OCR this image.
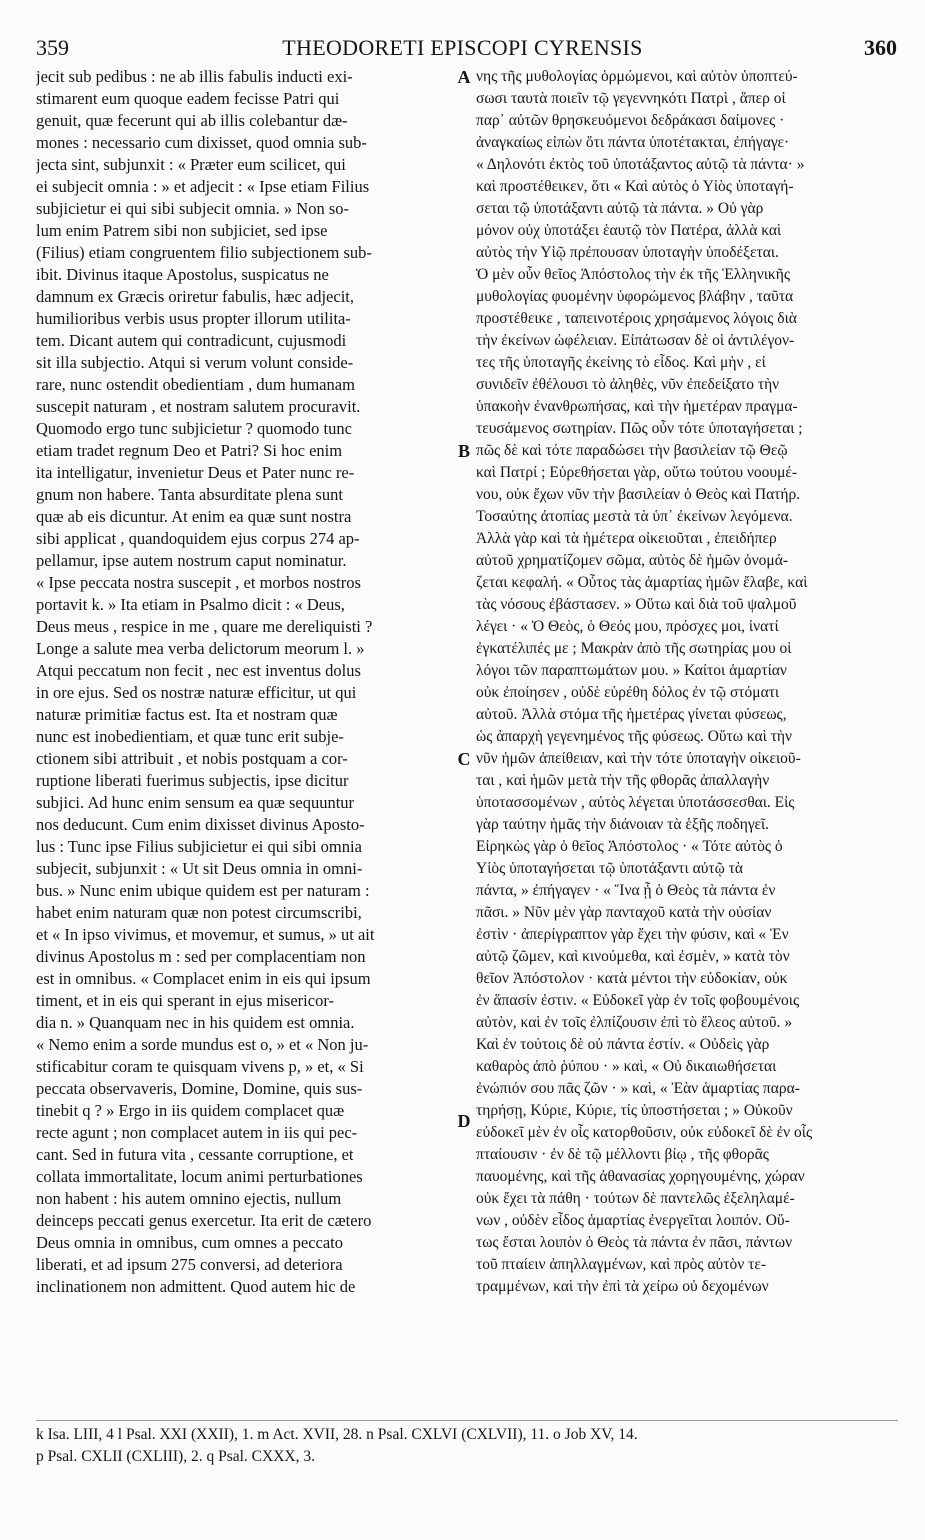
359	THEODORETI EPISCOPI CYRENSIS	360
jecit sub pedibus : ne ab illis fabulis inducti exi-
stimarent eum quoque eadem fecisse Patri qui
genuit, quæ fecerunt qui ab illis colebantur dæ-
mones : necessario cum dixisset, quod omnia sub-
jecta sint, subjunxit : « Præter eum scilicet, qui
ei subjecit omnia : » et adjecit : « Ipse etiam Filius
subjicietur ei qui sibi subjecit omnia. » Non so-
lum enim Patrem sibi non subjiciet, sed ipse
(Filius) etiam congruentem filio subjectionem sub-
ibit. Divinus itaque Apostolus, suspicatus ne
damnum ex Græcis oriretur fabulis, hæc adjecit,
humilioribus verbis usus propter illorum utilita-
tem. Dicant autem qui contradicunt, cujusmodi
sit illa subjectio. Atqui si verum volunt conside-
rare, nunc ostendit obedientiam , dum humanam
suscepit naturam , et nostram salutem procuravit.
Quomodo ergo tunc subjicietur ? quomodo tunc
etiam tradet regnum Deo et Patri? Si hoc enim
ita intelligatur, invenietur Deus et Pater nunc re-
gnum non habere. Tanta absurditate plena sunt
quæ ab eis dicuntur. At enim ea quæ sunt nostra
sibi applicat , quandoquidem ejus corpus 274 ap-
pellamur, ipse autem nostrum caput nominatur.
« Ipse peccata nostra suscepit , et morbos nostros
portavit k. » Ita etiam in Psalmo dicit : « Deus,
Deus meus , respice in me , quare me dereliquisti ?
Longe a salute mea verba delictorum meorum l. »
Atqui peccatum non fecit , nec est inventus dolus
in ore ejus. Sed os nostræ naturæ efficitur, ut qui
naturæ primitiæ factus est. Ita et nostram quæ
nunc est inobedientiam, et quæ tunc erit subje-
ctionem sibi attribuit , et nobis postquam a cor-
ruptione liberati fuerimus subjectis, ipse dicitur
subjici. Ad hunc enim sensum ea quæ sequuntur
nos deducunt. Cum enim dixisset divinus Aposto-
lus : Tunc ipse Filius subjicietur ei qui sibi omnia
subjecit, subjunxit : « Ut sit Deus omnia in omni-
bus. » Nunc enim ubique quidem est per naturam :
habet enim naturam quæ non potest circumscribi,
et « In ipso vivimus, et movemur, et sumus, » ut ait
divinus Apostolus m : sed per complacentiam non
est in omnibus. « Complacet enim in eis qui ipsum
timent, et in eis qui sperant in ejus misericor-
dia n. » Quanquam nec in his quidem est omnia.
« Nemo enim a sorde mundus est o, » et « Non ju-
stificabitur coram te quisquam vivens p, » et, « Si
peccata observaveris, Domine, Domine, quis sus-
tinebit q ? » Ergo in iis quidem complacet quæ
recte agunt ; non complacet autem in iis qui pec-
cant. Sed in futura vita , cessante corruptione, et
collata immortalitate, locum animi perturbationes
non habent : his autem omnino ejectis, nullum
deinceps peccati genus exercetur. Ita erit de cætero
Deus omnia in omnibus, cum omnes a peccato
liberati, et ad ipsum 275 conversi, ad deteriora
inclinationem non admittent. Quod autem hic de
A
B
C
D
νης τῆς μυθολογίας ὁρμώμενοι, καὶ αὐτὸν ὑποπτεύ-
σωσι ταυτὰ ποιεῖν τῷ γεγεννηκότι Πατρὶ , ἅπερ οἱ
παρ᾽ αὐτῶν θρησκευόμενοι δεδράκασι δαίμονες ·
ἀναγκαίως εἰπὼν ὅτι πάντα ὑποτέτακται, ἐπήγαγε·
« Δηλονότι ἐκτὸς τοῦ ὑποτάξαντος αὐτῷ τὰ πάντα· »
καὶ προστέθεικεν, ὅτι « Καὶ αὐτὸς ὁ Υἱὸς ὑποταγή-
σεται τῷ ὑποτάξαντι αὐτῷ τὰ πάντα. » Οὐ γὰρ
μόνον οὐχ ὑποτάξει ἑαυτῷ τὸν Πατέρα, ἀλλὰ καὶ
αὐτὸς τὴν Υἱῷ πρέπουσαν ὑποταγὴν ὑποδέξεται.
Ὁ μὲν οὖν θεῖος Ἀπόστολος τὴν ἐκ τῆς Ἑλληνικῆς
μυθολογίας φυομένην ὑφορώμενος βλάβην , ταῦτα
προστέθεικε , ταπεινοτέροις χρησάμενος λόγοις διὰ
τὴν ἐκείνων ὠφέλειαν. Εἰπάτωσαν δὲ οἱ ἀντιλέγον-
τες τῆς ὑποταγῆς ἐκείνης τὸ εἶδος. Καὶ μὴν , εἰ
συνιδεῖν ἐθέλουσι τὸ ἀληθὲς, νῦν ἐπεδείξατο τὴν
ὑπακοὴν ἐνανθρωπήσας, καὶ τὴν ἡμετέραν πραγμα-
τευσάμενος σωτηρίαν. Πῶς οὖν τότε ὑποταγήσεται ;
πῶς δὲ καὶ τότε παραδώσει τὴν βασιλείαν τῷ Θεῷ
καὶ Πατρί ; Εὑρεθήσεται γὰρ, οὕτω τούτου νοουμέ-
νου, οὐκ ἔχων νῦν τὴν βασιλείαν ὁ Θεὸς καὶ Πατήρ.
Τοσαύτης ἀτοπίας μεστὰ τὰ ὑπ᾽ ἐκείνων λεγόμενα.
Ἀλλὰ γὰρ καὶ τὰ ἡμέτερα οἰκειοῦται , ἐπειδήπερ
αὐτοῦ χρηματίζομεν σῶμα, αὐτὸς δὲ ἡμῶν ὀνομά-
ζεται κεφαλή. « Οὗτος τὰς ἁμαρτίας ἡμῶν ἔλαβε, καὶ
τὰς νόσους ἐβάστασεν. » Οὕτω καὶ διὰ τοῦ ψαλμοῦ
λέγει · « Ὁ Θεὸς, ὁ Θεός μου, πρόσχες μοι, ἱνατί
ἐγκατέλιπές με ; Μακρὰν ἀπὸ τῆς σωτηρίας μου οἱ
λόγοι τῶν παραπτωμάτων μου. » Καίτοι ἁμαρτίαν
οὐκ ἐποίησεν , οὐδὲ εὑρέθη δόλος ἐν τῷ στόματι
αὐτοῦ. Ἀλλὰ στόμα τῆς ἡμετέρας γίνεται φύσεως,
ὡς ἀπαρχὴ γεγενημένος τῆς φύσεως. Οὕτω καὶ τὴν
νῦν ἡμῶν ἀπείθειαν, καὶ τὴν τότε ὑποταγὴν οἰκειοῦ-
ται , καὶ ἡμῶν μετὰ τὴν τῆς φθορᾶς ἀπαλλαγὴν
ὑποτασσομένων , αὐτὸς λέγεται ὑποτάσσεσθαι. Εἰς
γὰρ ταύτην ἡμᾶς τὴν διάνοιαν τὰ ἑξῆς ποδηγεῖ.
Εἰρηκὼς γὰρ ὁ θεῖος Ἀπόστολος · « Τότε αὐτὸς ὁ
Υἱὸς ὑποταγήσεται τῷ ὑποτάξαντι αὐτῷ τὰ
πάντα, » ἐπήγαγεν · « Ἵνα ᾖ ὁ Θεὸς τὰ πάντα ἐν
πᾶσι. » Νῦν μὲν γὰρ πανταχοῦ κατὰ τὴν οὐσίαν
ἐστὶν · ἀπερίγραπτον γὰρ ἔχει τὴν φύσιν, καὶ « Ἐν
αὐτῷ ζῶμεν, καὶ κινούμεθα, καὶ ἐσμὲν, » κατὰ τὸν
θεῖον Ἀπόστολον · κατὰ μέντοι τὴν εὐδοκίαν, οὐκ
ἐν ἅπασίν ἐστιν. « Εὐδοκεῖ γὰρ ἐν τοῖς φοβουμένοις
αὐτὸν, καὶ ἐν τοῖς ἐλπίζουσιν ἐπὶ τὸ ἔλεος αὐτοῦ. »
Καὶ ἐν τούτοις δὲ οὐ πάντα ἐστίν. « Οὐδεὶς γὰρ
καθαρὸς ἀπὸ ῥύπου · » καὶ, « Οὐ δικαιωθήσεται
ἐνώπιόν σου πᾶς ζῶν · » καὶ, « Ἐὰν ἁμαρτίας παρα-
τηρήσῃ, Κύριε, Κύριε, τίς ὑποστήσεται ; » Οὐκοῦν
εὐδοκεῖ μὲν ἐν οἷς κατορθοῦσιν, οὐκ εὐδοκεῖ δὲ ἐν οἷς
πταίουσιν · ἐν δὲ τῷ μέλλοντι βίῳ , τῆς φθορᾶς
παυομένης, καὶ τῆς ἀθανασίας χορηγουμένης, χώραν
οὐκ ἔχει τὰ πάθη · τούτων δὲ παντελῶς ἐξεληλαμέ-
νων , οὐδὲν εἶδος ἁμαρτίας ἐνεργεῖται λοιπόν. Οὕ-
τως ἔσται λοιπὸν ὁ Θεὸς τὰ πάντα ἐν πᾶσι, πάντων
τοῦ πταίειν ἀπηλλαγμένων, καὶ πρὸς αὐτὸν τε-
τραμμένων, καὶ τὴν ἐπὶ τὰ χείρω οὐ δεχομένων
k Isa. LIII, 4 l Psal. XXI (XXII), 1. m Act. XVII, 28. n Psal. CXLVI (CXLVII), 11. o Job XV, 14.
p Psal. CXLII (CXLIII), 2. q Psal. CXXX, 3.
